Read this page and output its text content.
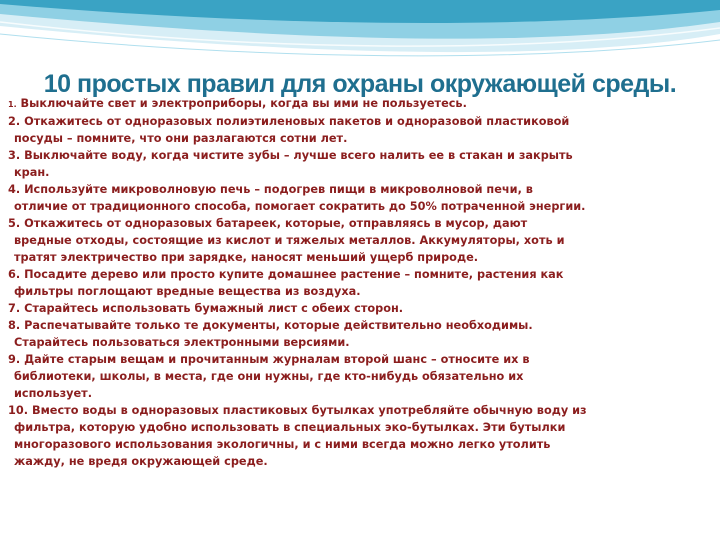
10 простых правил для охраны окружающей среды.
1. Выключайте свет и электроприборы, когда вы ими не пользуетесь.
2. Откажитесь от одноразовых полиэтиленовых пакетов и одноразовой пластиковой
посуды – помните, что они разлагаются сотни лет.
3. Выключайте воду, когда чистите зубы – лучше всего налить ее в стакан и закрыть
кран.
4. Используйте микроволновую печь – подогрев пищи в микроволновой печи, в
отличие от традиционного способа, помогает сократить до 50% потраченной энергии.
5. Откажитесь от одноразовых батареек, которые, отправляясь в мусор, дают
вредные отходы, состоящие из кислот и тяжелых металлов. Аккумуляторы, хоть и
тратят электричество при зарядке, наносят меньший ущерб природе.
6. Посадите дерево или просто купите домашнее растение – помните, растения как
фильтры поглощают вредные вещества из воздуха.
7. Старайтесь использовать бумажный лист с обеих сторон.
8. Распечатывайте только те документы, которые действительно необходимы.
Старайтесь пользоваться электронными версиями.
9. Дайте старым вещам и прочитанным журналам второй шанс – относите их в
библиотеки, школы, в места, где они нужны, где кто-нибудь обязательно их
использует.
10. Вместо воды в одноразовых пластиковых бутылках употребляйте обычную воду из
фильтра, которую удобно использовать в специальных эко-бутылках. Эти бутылки
многоразового использования экологичны, и с ними всегда можно легко утолить
жажду, не вредя окружающей среде.
